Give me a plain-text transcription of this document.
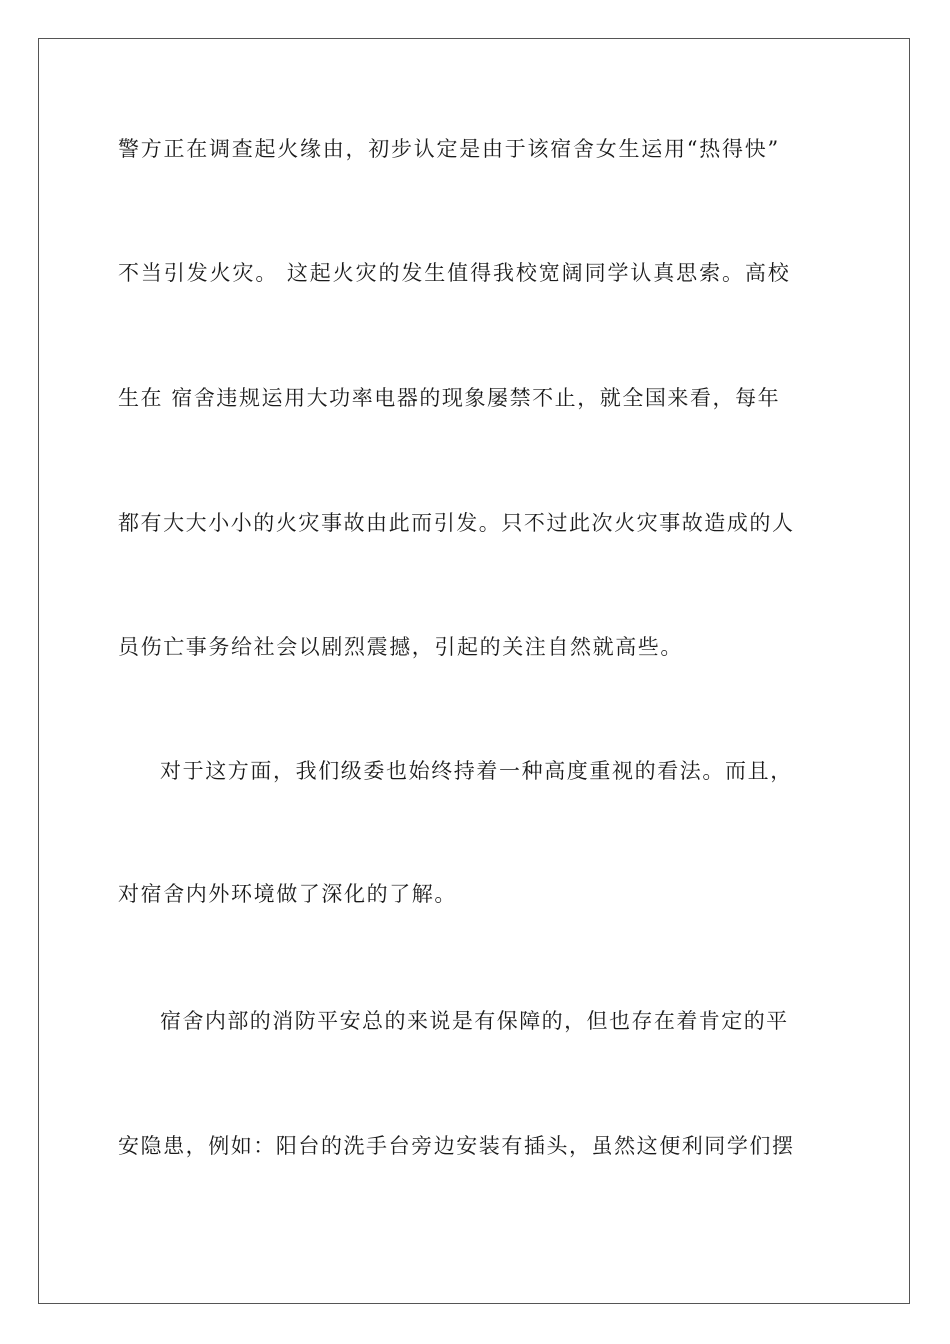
警方正在调查起火缘由，初步认定是由于该宿舍女生运用“热得快”
不当引发火灾。 这起火灾的发生值得我校宽阔同学认真思索。高校
生在 宿舍违规运用大功率电器的现象屡禁不止，就全国来看，每年
都有大大小小的火灾事故由此而引发。只不过此次火灾事故造成的人
员伤亡事务给社会以剧烈震撼，引起的关注自然就高些。
对于这方面，我们级委也始终持着一种高度重视的看法。而且，
对宿舍内外环境做了深化的了解。
宿舍内部的消防平安总的来说是有保障的，但也存在着肯定的平
安隐患，例如：阳台的洗手台旁边安装有插头，虽然这便利同学们摆
